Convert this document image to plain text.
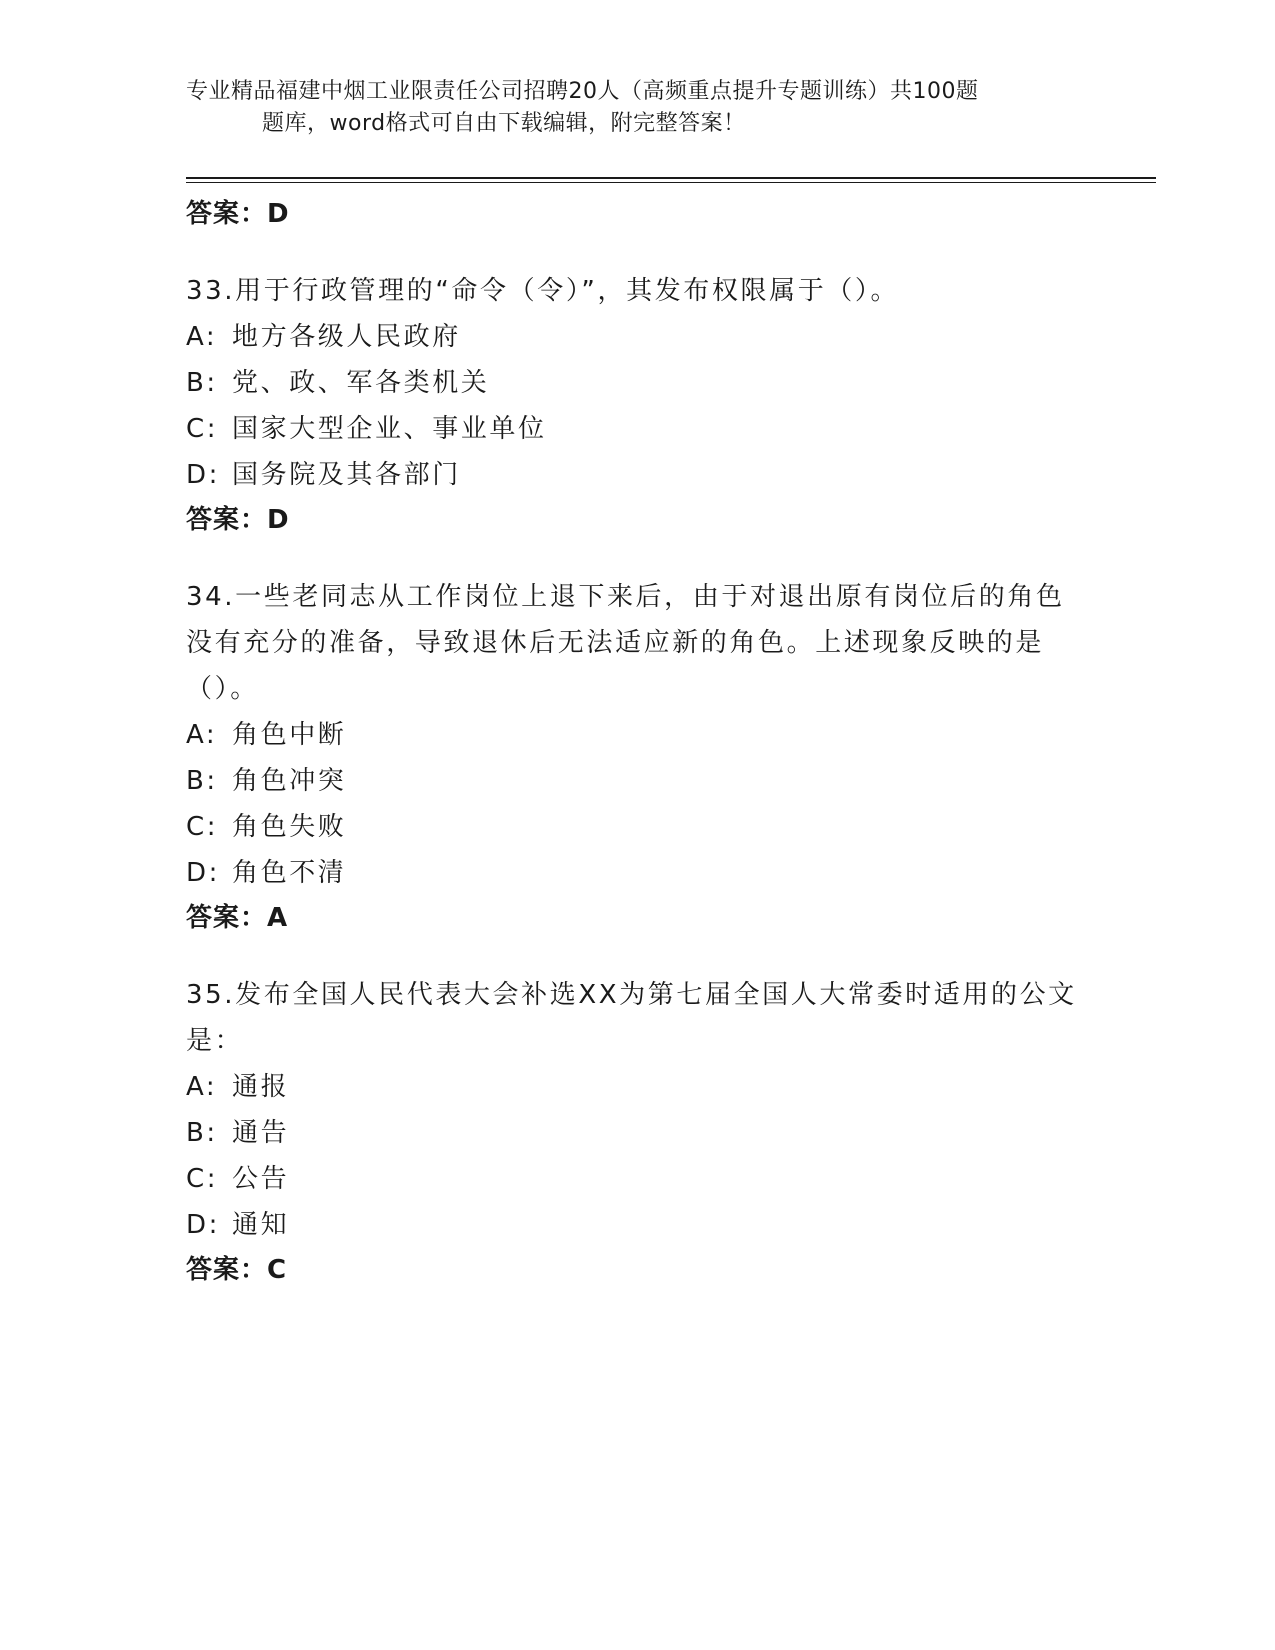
专业精品福建中烟工业限责任公司招聘20人（高频重点提升专题训练）共100题
题库，word格式可自由下载编辑，附完整答案！
答案：D
33.用于行政管理的“命令（令）”，其发布权限属于（）。
A: 地方各级人民政府
B: 党、政、军各类机关
C: 国家大型企业、事业单位
D: 国务院及其各部门
答案：D
34.一些老同志从工作岗位上退下来后，由于对退出原有岗位后的角色没有充分的准备，导致退休后无法适应新的角色。上述现象反映的是（）。
A: 角色中断
B: 角色冲突
C: 角色失败
D: 角色不清
答案：A
35.发布全国人民代表大会补选XX为第七届全国人大常委时适用的公文是：
A: 通报
B: 通告
C: 公告
D: 通知
答案：C
